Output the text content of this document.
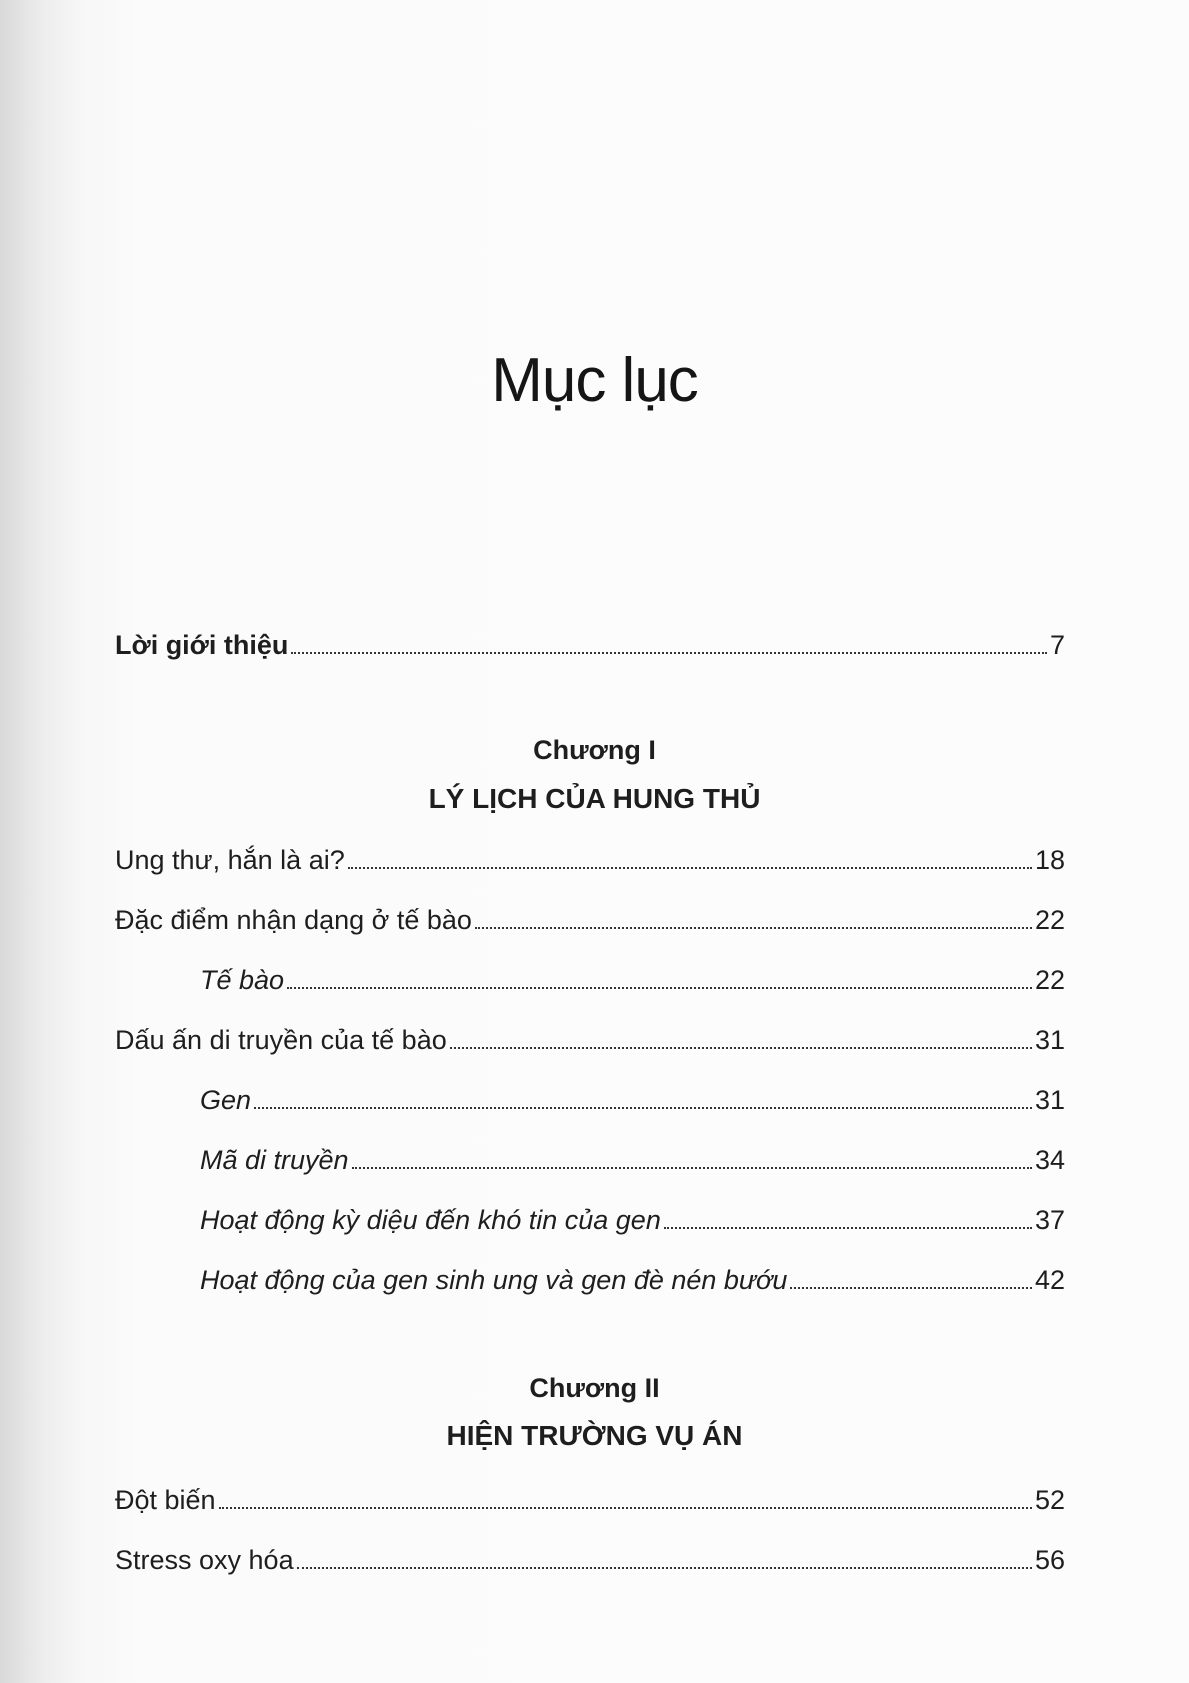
Mục lục
Lời giới thiệu	7
Chương I
LÝ LỊCH CỦA HUNG THỦ
Ung thư, hắn là ai?	18
Đặc điểm nhận dạng ở tế bào	22
Tế bào	22
Dấu ấn di truyền của tế bào	31
Gen	31
Mã di truyền	34
Hoạt động kỳ diệu đến khó tin của gen	37
Hoạt động của gen sinh ung và gen đè nén bướu	42
Chương II
HIỆN TRƯỜNG VỤ ÁN
Đột biến	52
Stress oxy hóa	56
